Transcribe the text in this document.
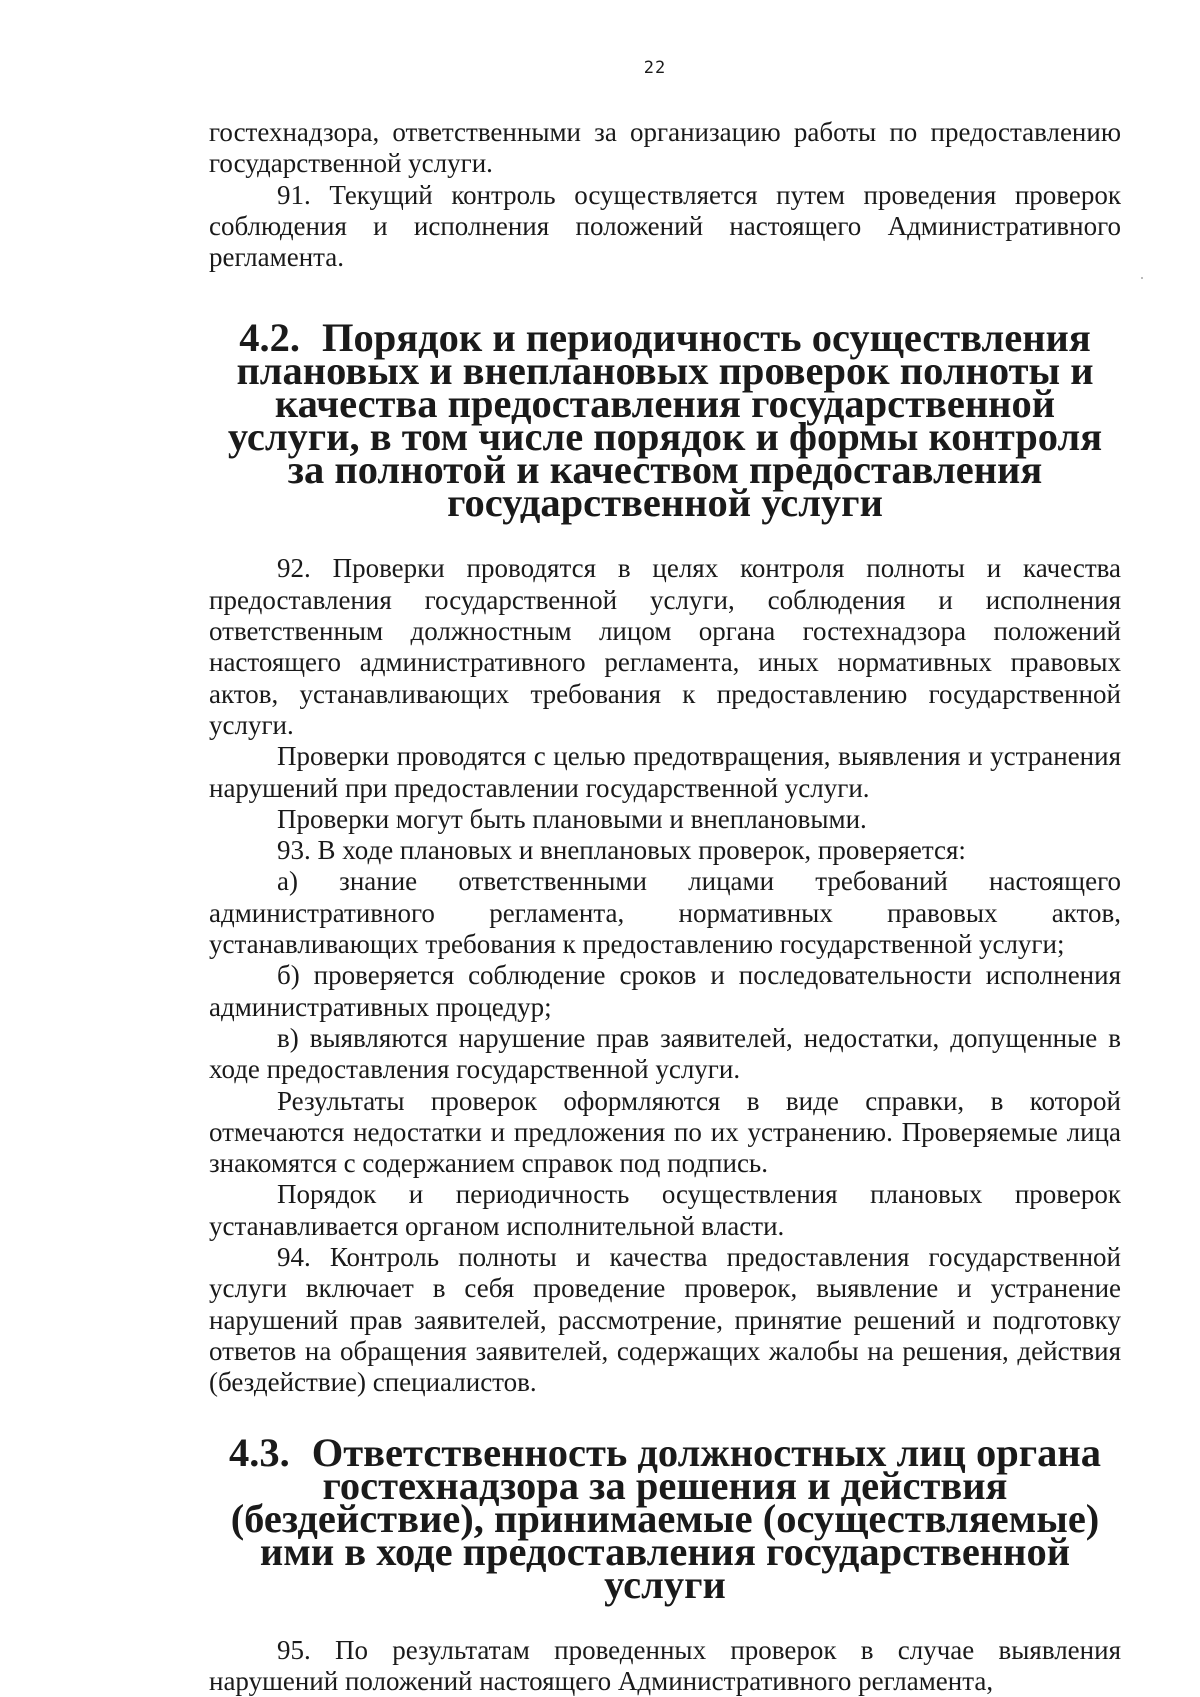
22

гостехнадзора, ответственными за организацию работы по предоставлению государственной услуги.

91. Текущий контроль осуществляется путем проведения проверок соблюдения и исполнения положений настоящего Административного регламента.

4.2. Порядок и периодичность осуществления плановых и внеплановых проверок полноты и качества предоставления государственной услуги, в том числе порядок и формы контроля за полнотой и качеством предоставления государственной услуги

92. Проверки проводятся в целях контроля полноты и качества предоставления государственной услуги, соблюдения и исполнения ответственным должностным лицом органа гостехнадзора положений настоящего административного регламента, иных нормативных правовых актов, устанавливающих требования к предоставлению государственной услуги.

Проверки проводятся с целью предотвращения, выявления и устранения нарушений при предоставлении государственной услуги.

Проверки могут быть плановыми и внеплановыми.

93. В ходе плановых и внеплановых проверок, проверяется:

а) знание ответственными лицами требований настоящего административного регламента, нормативных правовых актов, устанавливающих требования к предоставлению государственной услуги;

б) проверяется соблюдение сроков и последовательности исполнения административных процедур;

в) выявляются нарушение прав заявителей, недостатки, допущенные в ходе предоставления государственной услуги.

Результаты проверок оформляются в виде справки, в которой отмечаются недостатки и предложения по их устранению. Проверяемые лица знакомятся с содержанием справок под подпись.

Порядок и периодичность осуществления плановых проверок устанавливается органом исполнительной власти.

94. Контроль полноты и качества предоставления государственной услуги включает в себя проведение проверок, выявление и устранение нарушений прав заявителей, рассмотрение, принятие решений и подготовку ответов на обращения заявителей, содержащих жалобы на решения, действия (бездействие) специалистов.

4.3. Ответственность должностных лиц органа гостехнадзора за решения и действия (бездействие), принимаемые (осуществляемые) ими в ходе предоставления государственной услуги

95. По результатам проведенных проверок в случае выявления нарушений положений настоящего Административного регламента,
